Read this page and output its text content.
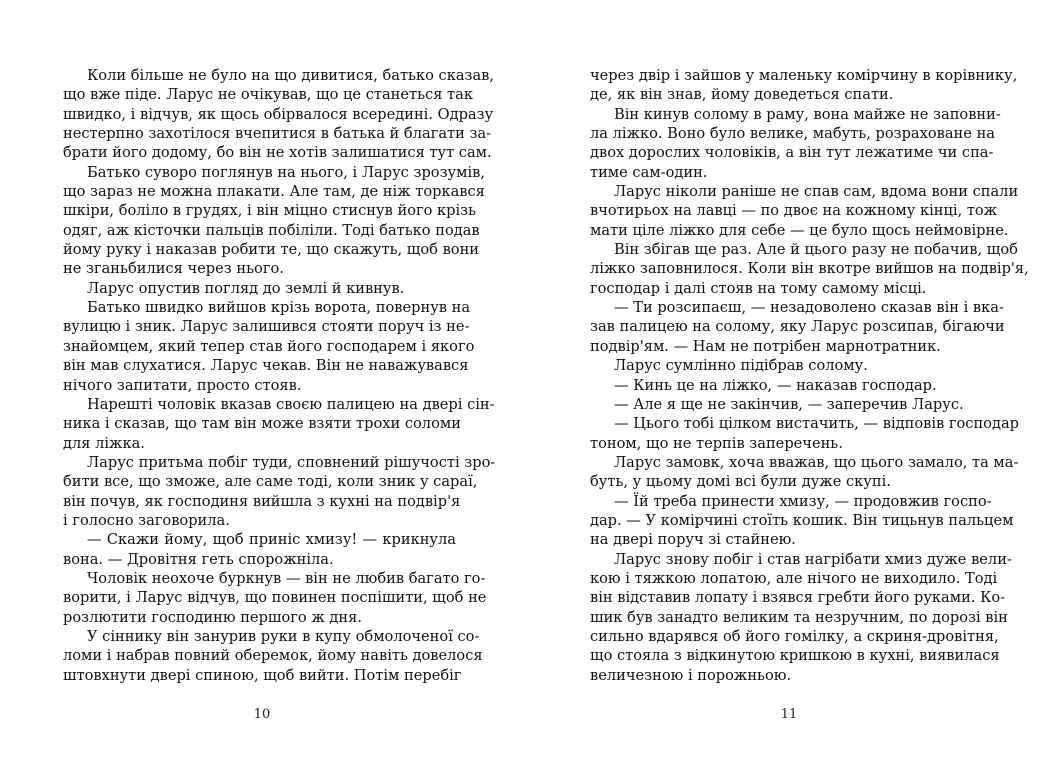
Коли більше не було на що дивитися, батько сказав,
що вже піде. Ларус не очікував, що це станеться так
швидко, і відчув, як щось обірвалося всередині. Одразу
нестерпно захотілося вчепитися в батька й благати за-
брати його додому, бо він не хотів залишатися тут сам.
Батько суворо поглянув на нього, і Ларус зрозумів,
що зараз не можна плакати. Але там, де ніж торкався
шкіри, боліло в грудях, і він міцно стиснув його крізь
одяг, аж кісточки пальців побіліли. Тоді батько подав
йому руку і наказав робити те, що скажуть, щоб вони
не зганьбилися через нього.
Ларус опустив погляд до землі й кивнув.
Батько швидко вийшов крізь ворота, повернув на
вулицю і зник. Ларус залишився стояти поруч із не-
знайомцем, який тепер став його господарем і якого
він мав слухатися. Ларус чекав. Він не наважувався
нічого запитати, просто стояв.
Нарешті чоловік вказав своєю палицею на двері сін-
ника і сказав, що там він може взяти трохи соломи
для ліжка.
Ларус притьма побіг туди, сповнений рішучості зро-
бити все, що зможе, але саме тоді, коли зник у сараї,
він почув, як господиня вийшла з кухні на подвір'я
і голосно заговорила.
— Скажи йому, щоб приніс хмизу! — крикнула
вона. — Дровітня геть спорожніла.
Чоловік неохоче буркнув — він не любив багато го-
ворити, і Ларус відчув, що повинен поспішити, щоб не
розлютити господиню першого ж дня.
У сіннику він занурив руки в купу обмолоченої со-
ломи і набрав повний оберемок, йому навіть довелося
штовхнути двері спиною, щоб вийти. Потім перебіг
через двір і зайшов у маленьку комірчину в корівнику,
де, як він знав, йому доведеться спати.
Він кинув солому в раму, вона майже не заповни-
ла ліжко. Воно було велике, мабуть, розраховане на
двох дорослих чоловіків, а він тут лежатиме чи спа-
тиме сам-один.
Ларус ніколи раніше не спав сам, вдома вони спали
вчотирьох на лавці — по двоє на кожному кінці, тож
мати ціле ліжко для себе — це було щось неймовірне.
Він збігав ще раз. Але й цього разу не побачив, щоб
ліжко заповнилося. Коли він вкотре вийшов на подвір'я,
господар і далі стояв на тому самому місці.
— Ти розсипаєш, — незадоволено сказав він і вка-
зав палицею на солому, яку Ларус розсипав, бігаючи
подвір'ям. — Нам не потрібен марнотратник.
Ларус сумлінно підібрав солому.
— Кинь це на ліжко, — наказав господар.
— Але я ще не закінчив, — заперечив Ларус.
— Цього тобі цілком вистачить, — відповів господар
тоном, що не терпів заперечень.
Ларус замовк, хоча вважав, що цього замало, та ма-
буть, у цьому домі всі були дуже скупі.
— Їй треба принести хмизу, — продовжив госпо-
дар. — У комірчині стоїть кошик. Він тицьнув пальцем
на двері поруч зі стайнею.
Ларус знову побіг і став нагрібати хмиз дуже вели-
кою і тяжкою лопатою, але нічого не виходило. Тоді
він відставив лопату і взявся гребти його руками. Ко-
шик був занадто великим та незручним, по дорозі він
сильно вдарявся об його гомілку, а скриня-дровітня,
що стояла з відкинутою кришкою в кухні, виявилася
величезною і порожньою.
10	11
